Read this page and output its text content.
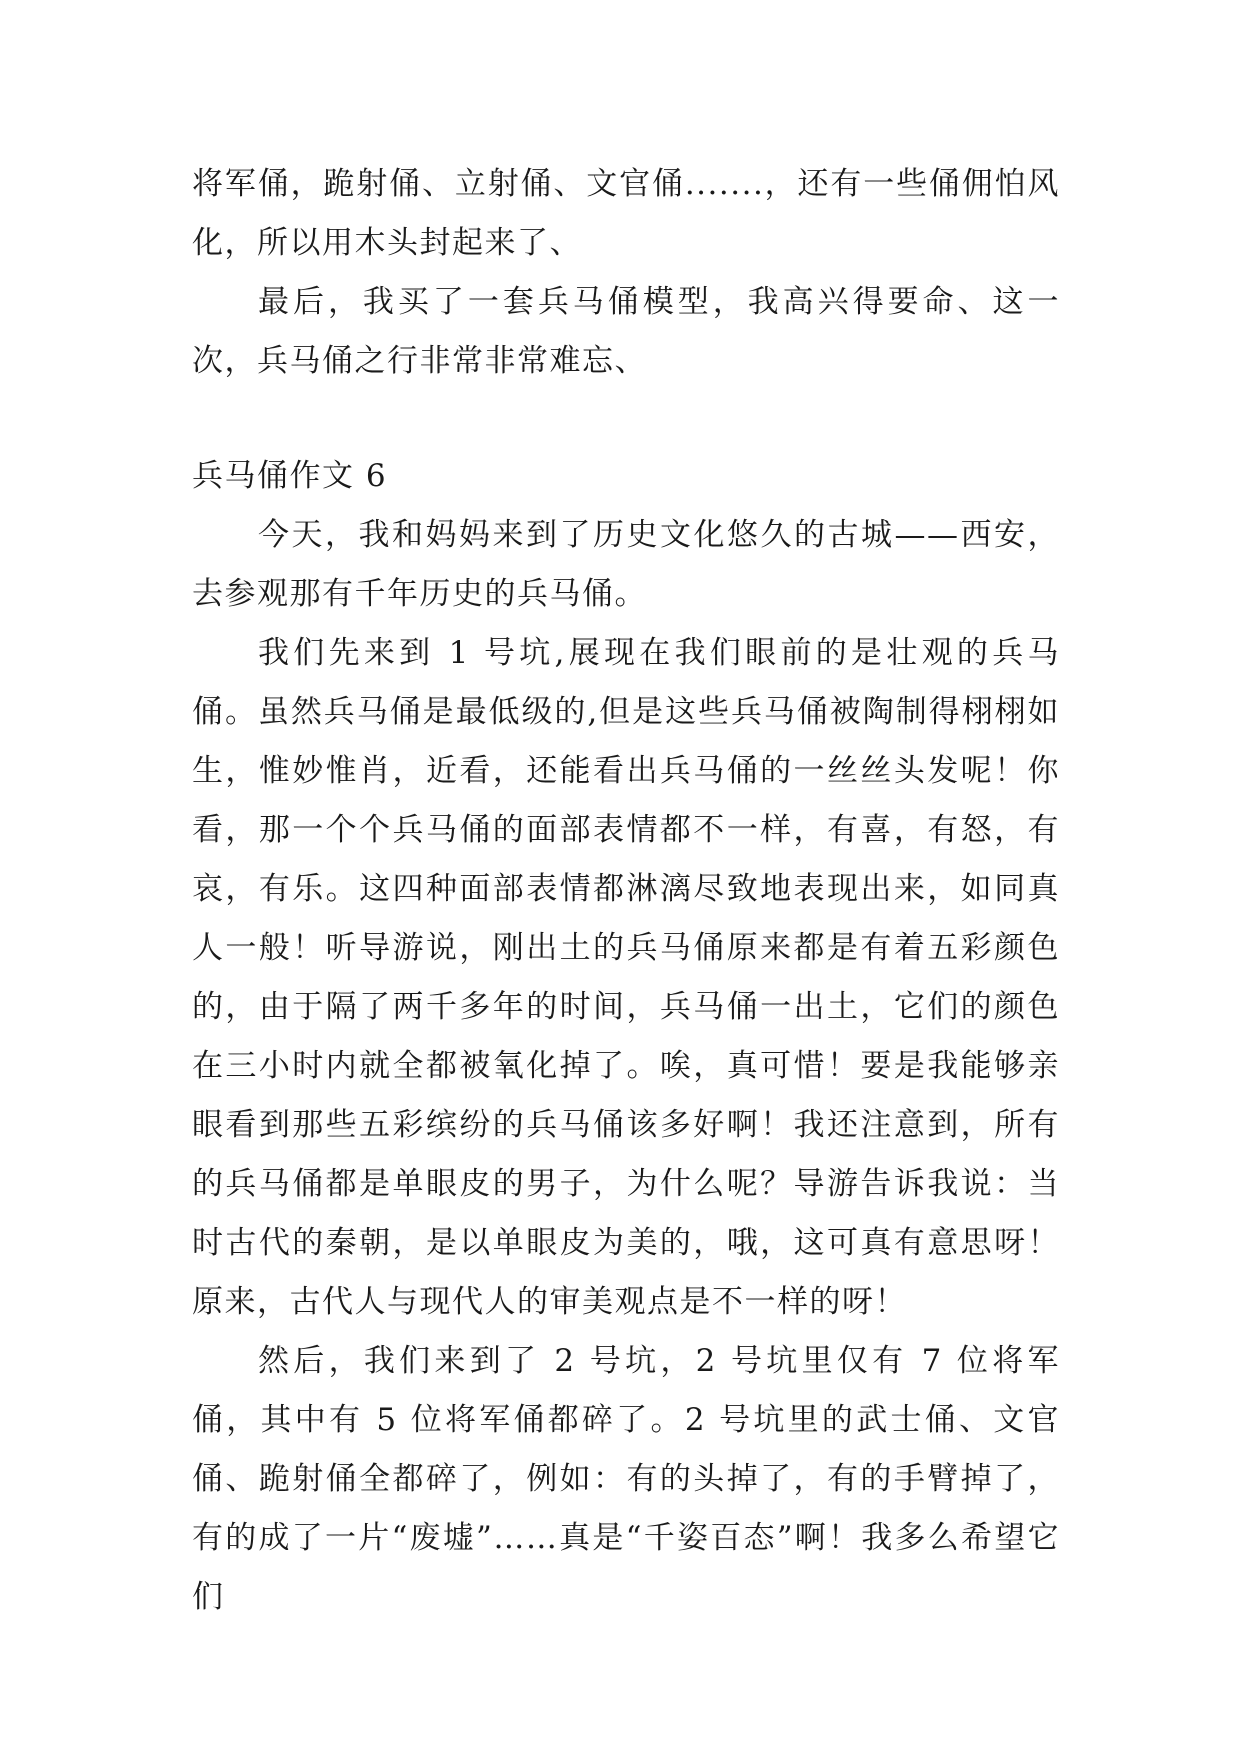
将军俑，跪射俑、立射俑、文官俑.......，还有一些俑佣怕风化，所以用木头封起来了、

最后，我买了一套兵马俑模型，我高兴得要命、这一次，兵马俑之行非常非常难忘、

兵马俑作文 6

今天，我和妈妈来到了历史文化悠久的古城——西安，去参观那有千年历史的兵马俑。

我们先来到 1 号坑,展现在我们眼前的是壮观的兵马俑。虽然兵马俑是最低级的,但是这些兵马俑被陶制得栩栩如生，惟妙惟肖，近看，还能看出兵马俑的一丝丝头发呢！你看，那一个个兵马俑的面部表情都不一样，有喜，有怒，有哀，有乐。这四种面部表情都淋漓尽致地表现出来，如同真人一般！听导游说，刚出土的兵马俑原来都是有着五彩颜色的，由于隔了两千多年的时间，兵马俑一出土，它们的颜色在三小时内就全都被氧化掉了。唉，真可惜！要是我能够亲眼看到那些五彩缤纷的兵马俑该多好啊！我还注意到，所有的兵马俑都是单眼皮的男子，为什么呢？导游告诉我说：当时古代的秦朝，是以单眼皮为美的，哦，这可真有意思呀！原来，古代人与现代人的审美观点是不一样的呀！

然后，我们来到了 2 号坑，2 号坑里仅有 7 位将军俑，其中有 5 位将军俑都碎了。2 号坑里的武士俑、文官俑、跪射俑全都碎了，例如：有的头掉了，有的手臂掉了，有的成了一片“废墟”……真是“千姿百态”啊！我多么希望它们
